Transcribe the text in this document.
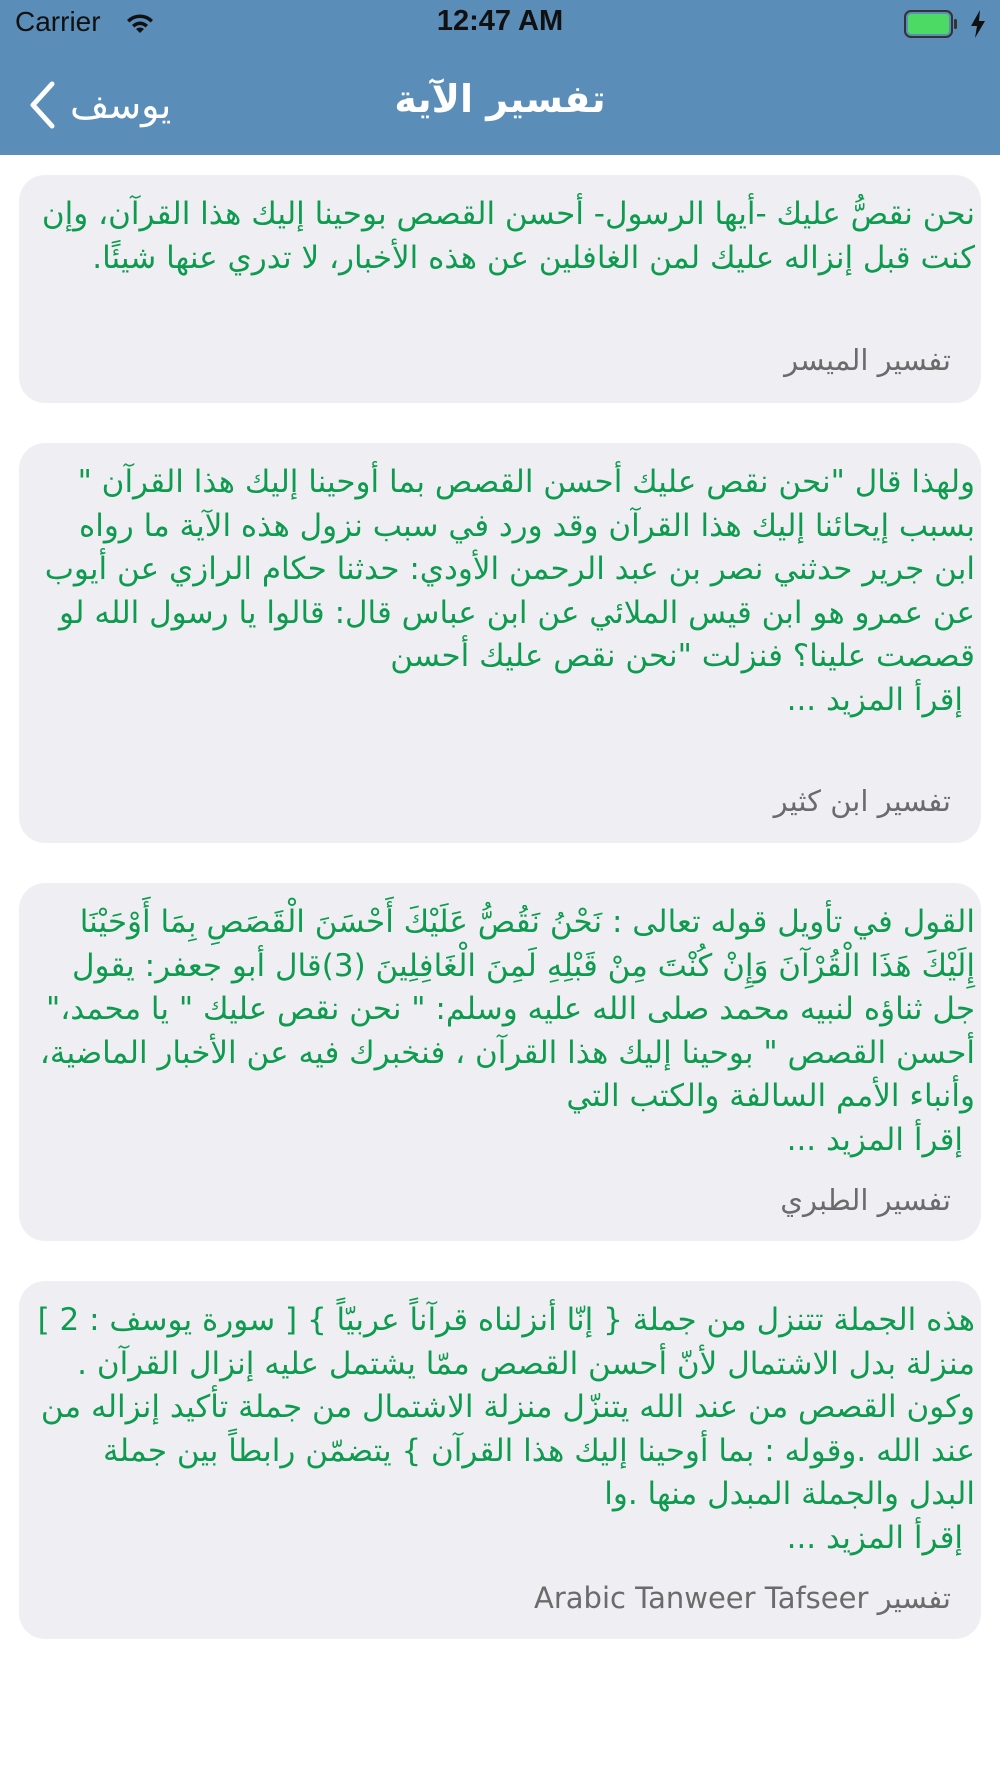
Carrier	12:47 AM
يوسف	تفسير الآية
نحن نقصُّ عليك -أيها الرسول- أحسن القصص بوحينا إليك هذا القرآن، وإن كنت قبل إنزاله عليك لمن الغافلين عن هذه الأخبار، لا تدري عنها شيئًا.
تفسير الميسر
ولهذا قال "نحن نقص عليك أحسن القصص بما أوحينا إليك هذا القرآن " بسبب إيحائنا إليك هذا القرآن وقد ورد في سبب نزول هذه الآية ما رواه ابن جرير حدثني نصر بن عبد الرحمن الأودي: حدثنا حكام الرازي عن أيوب عن عمرو هو ابن قيس الملائي عن ابن عباس قال: قالوا يا رسول الله لو قصصت علينا؟ فنزلت "نحن نقص عليك أحسن
إقرأ المزيد ...
تفسير ابن كثير
القول في تأويل قوله تعالى : نَحْنُ نَقُصُّ عَلَيْكَ أَحْسَنَ الْقَصَصِ بِمَا أَوْحَيْنَا إِلَيْكَ هَذَا الْقُرْآنَ وَإِنْ كُنْتَ مِنْ قَبْلِهِ لَمِنَ الْغَافِلِينَ (3)قال أبو جعفر: يقول جل ثناؤه لنبيه محمد صلى الله عليه وسلم: " نحن نقص عليك " يا محمد،" أحسن القصص " بوحينا إليك هذا القرآن ، فنخبرك فيه عن الأخبار الماضية، وأنباء الأمم السالفة والكتب التي
إقرأ المزيد ...
تفسير الطبري
هذه الجملة تتنزل من جملة { إنّا أنزلناه قرآناً عربيّاً } [ سورة يوسف : 2 ] منزلة بدل الاشتمال لأنّ أحسن القصص ممّا يشتمل عليه إنزال القرآن . وكون القصص من عند الله يتنزّل منزلة الاشتمال من جملة تأكيد إنزاله من عند الله .وقوله : بما أوحينا إليك هذا القرآن } يتضمّن رابطاً بين جملة البدل والجملة المبدل منها .وا
إقرأ المزيد ...
تفسير Arabic Tanweer Tafseer
